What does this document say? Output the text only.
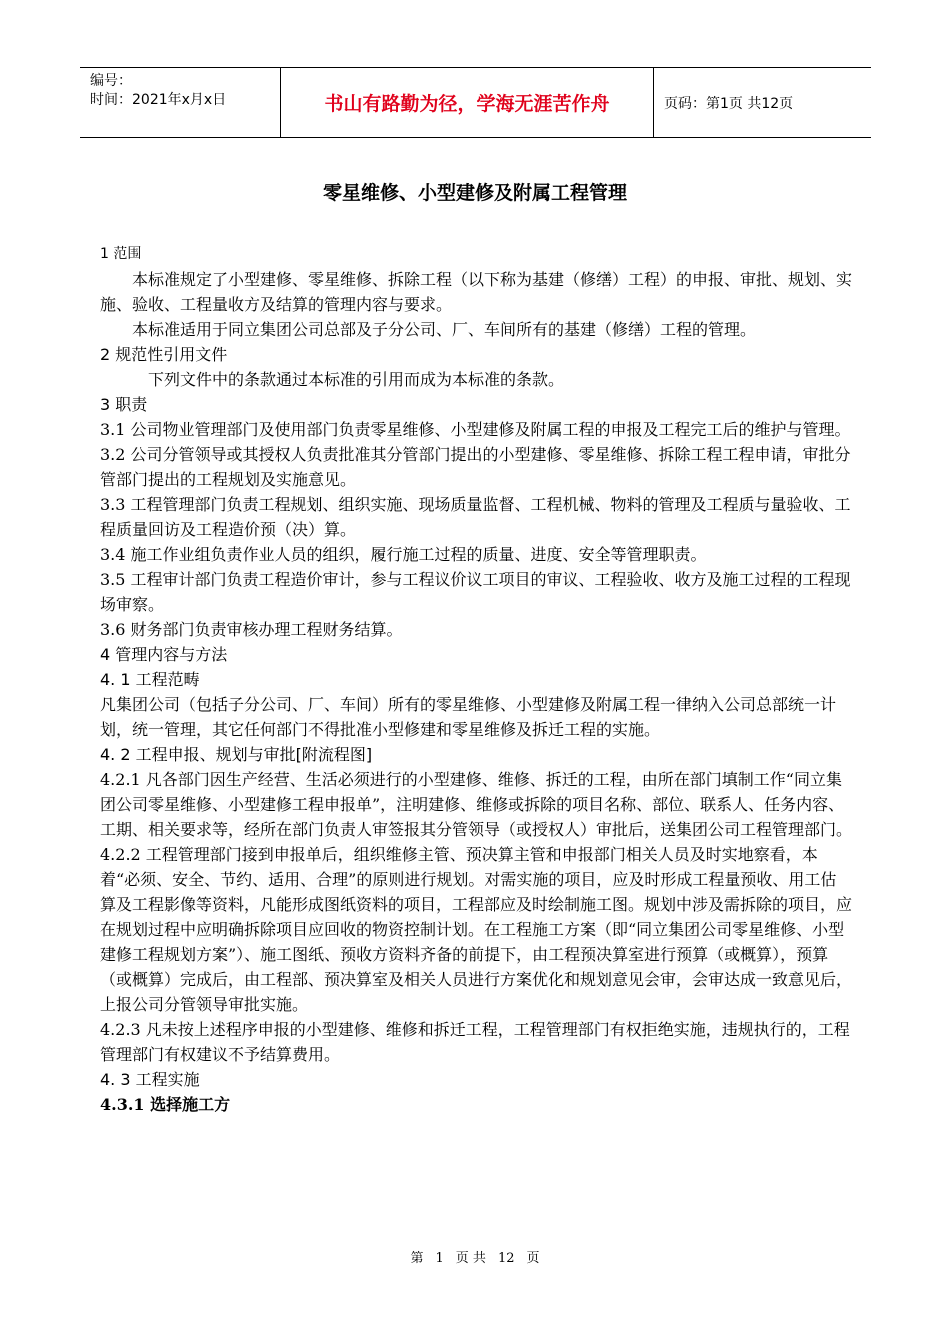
编号：
时间：2021年x月x日	书山有路勤为径，学海无涯苦作舟	页码：第1页 共12页
零星维修、小型建修及附属工程管理

1 范围

本标准规定了小型建修、零星维修、拆除工程（以下称为基建（修缮）工程）的申报、审批、规划、实施、验收、工程量收方及结算的管理内容与要求。

本标准适用于同立集团公司总部及子分公司、厂、车间所有的基建（修缮）工程的管理。

2 规范性引用文件

下列文件中的条款通过本标准的引用而成为本标准的条款。

3 职责

3.1 公司物业管理部门及使用部门负责零星维修、小型建修及附属工程的申报及工程完工后的维护与管理。

3.2 公司分管领导或其授权人负责批准其分管部门提出的小型建修、零星维修、拆除工程工程申请，审批分管部门提出的工程规划及实施意见。

3.3 工程管理部门负责工程规划、组织实施、现场质量监督、工程机械、物料的管理及工程质与量验收、工程质量回访及工程造价预（决）算。

3.4 施工作业组负责作业人员的组织，履行施工过程的质量、进度、安全等管理职责。

3.5 工程审计部门负责工程造价审计，参与工程议价议工项目的审议、工程验收、收方及施工过程的工程现场审察。

3.6 财务部门负责审核办理工程财务结算。

4 管理内容与方法

4. 1 工程范畴

凡集团公司（包括子分公司、厂、车间）所有的零星维修、小型建修及附属工程一律纳入公司总部统一计划，统一管理，其它任何部门不得批准小型修建和零星维修及拆迁工程的实施。

4. 2 工程申报、规划与审批[附流程图]

4.2.1 凡各部门因生产经营、生活必须进行的小型建修、维修、拆迁的工程，由所在部门填制工作“同立集团公司零星维修、小型建修工程申报单”，注明建修、维修或拆除的项目名称、部位、联系人、任务内容、工期、相关要求等，经所在部门负责人审签报其分管领导（或授权人）审批后，送集团公司工程管理部门。

4.2.2 工程管理部门接到申报单后，组织维修主管、预决算主管和申报部门相关人员及时实地察看，本着“必须、安全、节约、适用、合理”的原则进行规划。对需实施的项目，应及时形成工程量预收、用工估算及工程影像等资料，凡能形成图纸资料的项目，工程部应及时绘制施工图。规划中涉及需拆除的项目，应在规划过程中应明确拆除项目应回收的物资控制计划。在工程施工方案（即“同立集团公司零星维修、小型建修工程规划方案”）、施工图纸、预收方资料齐备的前提下，由工程预决算室进行预算（或概算），预算（或概算）完成后，由工程部、预决算室及相关人员进行方案优化和规划意见会审，会审达成一致意见后，上报公司分管领导审批实施。

4.2.3 凡未按上述程序申报的小型建修、维修和拆迁工程，工程管理部门有权拒绝实施，违规执行的，工程管理部门有权建议不予结算费用。

4. 3 工程实施

4.3.1 选择施工方

第 1 页 共 12 页
